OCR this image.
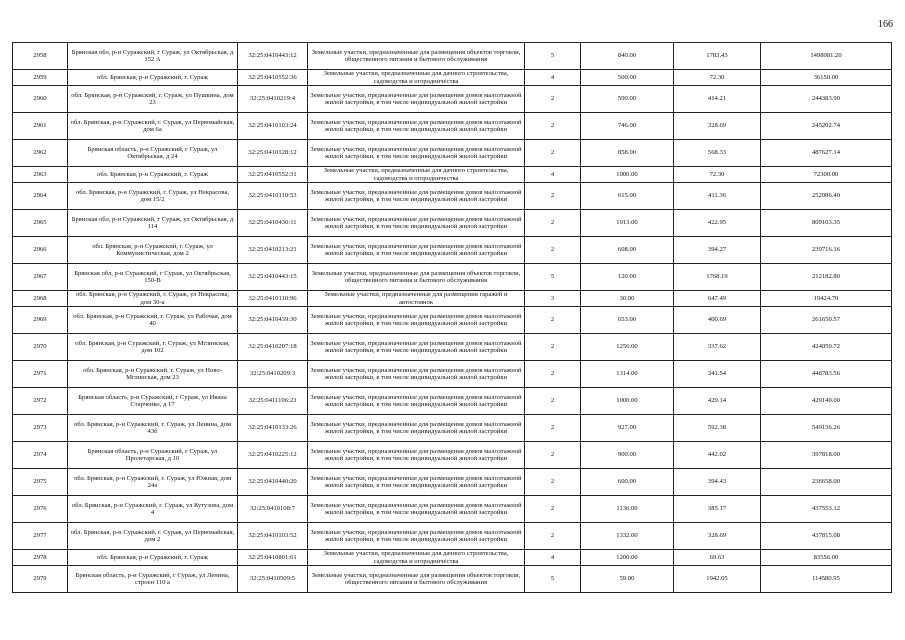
166
2958	Брянская обл, р-н Суражский, г Сураж, ул Октябрьская, д 152 А	32:25:0410443:12	Земельные участки, предназначенные для размещения объектов торговли, общественного питания и бытового обслуживания	5	840.00	1783.43	1498081.20
2959	обл. Брянская, р-н Суражский, г. Сураж	32:25:0410552:36	Земельные участки, предназначенные для дачного строительства, садоводства и огородничества	4	500.00	72.30	36150.00
2960	обл. Брянская, р-н Суражский, г. Сураж, ул Пушкина, дом 23	32:25:0410219:4	Земельные участки, предназначенные для размещения домов малоэтажной жилой застройки, в том числе индивидуальной жилой застройки	2	590.00	414.21	244383.90
2961	обл. Брянская, р-н Суражский, г. Сураж, ул Первомайская, дом 6а	32:25:0410103:24	Земельные участки, предназначенные для размещения домов малоэтажной жилой застройки, в том числе индивидуальной жилой застройки	2	746.00	328.69	245202.74
2962	Брянская область, р-н Суражский, г Сураж, ул Октябрьская, д 24	32:25:0410128:12	Земельные участки, предназначенные для размещения домов малоэтажной жилой застройки, в том числе индивидуальной жилой застройки	2	858.00	568.33	487627.14
2963	обл. Брянская, р-н Суражский, г. Сураж	32:25:0410552:31	Земельные участки, предназначенные для дачного строительства, садоводства и огородничества	4	1000.00	72.30	72300.00
2964	обл. Брянская, р-н Суражский, г. Сураж, ул Некрасова, дом 15/2	32:25:0410110:53	Земельные участки, предназначенные для размещения домов малоэтажной жилой застройки, в том числе индивидуальной жилой застройки	2	615.00	411.36	252986.40
2965	Брянская обл, р-н Суражский, г Сураж, ул Октябрьская, д 114	32:25:0410430:11	Земельные участки, предназначенные для размещения домов малоэтажной жилой застройки, в том числе индивидуальной жилой застройки	2	1913.00	422.95	809103.35
2966	обл. Брянская, р-н Суражский, г. Сураж, ул Коммунистическая, дом 2	32:25:0410213:21	Земельные участки, предназначенные для размещения домов малоэтажной жилой застройки, в том числе индивидуальной жилой застройки	2	608.00	394.27	239716.16
2967	Брянская обл, р-н Суражский, г Сураж, ул Октябрьская, 150-В	32:25:0410443:15	Земельные участки, предназначенные для размещения объектов торговли, общественного питания и бытового обслуживания	5	120.00	1768.19	212182.80
2968	обл. Брянская, р-н Суражский, г. Сураж, ул Некрасова, дом 30-а	32:25:0410110:96	Земельные участки, предназначенные для размещения гаражей и автостоянок	3	30.00	647.49	19424.70
2969	обл. Брянская, р-н Суражский, г. Сураж, ул Рабочая, дом 40	32:25:0410439:30	Земельные участки, предназначенные для размещения домов малоэтажной жилой застройки, в том числе индивидуальной жилой застройки	2	653.00	400.69	261650.57
2970	обл. Брянская, р-н Суражский, г. Сураж, ул Мглинская, дом 102	32:25:0410207:18	Земельные участки, предназначенные для размещения домов малоэтажной жилой застройки, в том числе индивидуальной жилой застройки	2	1256.00	337.62	424050.72
2971	обл. Брянская, р-н Суражский, г. Сураж, ул Ново-Мглинская, дом 23	32:25:0410209:3	Земельные участки, предназначенные для размещения домов малоэтажной жилой застройки, в том числе индивидуальной жилой застройки	2	1314.00	341.54	448783.56
2972	Брянская область, р-н Суражский, г Сураж, ул Ивана Старченко, д 17	32:25:0411106:23	Земельные участки, предназначенные для размещения домов малоэтажной жилой застройки, в том числе индивидуальной жилой застройки	2	1000.00	429.14	429140.00
2973	обл. Брянская, р-н Суражский, г. Сураж, ул Ленина, дом 43б	32:25:0410133:26	Земельные участки, предназначенные для размещения домов малоэтажной жилой застройки, в том числе индивидуальной жилой застройки	2	927.00	592.38	549136.26
2974	Брянская область, р-н Суражский, г Сураж, ул Пролетарская, д 10	32:25:0410225:12	Земельные участки, предназначенные для размещения домов малоэтажной жилой застройки, в том числе индивидуальной жилой застройки	2	900.00	442.02	397818.00
2975	обл. Брянская, р-н Суражский, г. Сураж, ул Южная, дом 24а	32:25:0410440:20	Земельные участки, предназначенные для размещения домов малоэтажной жилой застройки, в том числе индивидуальной жилой застройки	2	600.00	394.43	236658.00
2976	обл. Брянская, р-н Суражский, г. Сураж, ул Кутузова, дом 4	32:25:0410108:7	Земельные участки, предназначенные для размещения домов малоэтажной жилой застройки, в том числе индивидуальной жилой застройки	2	1136.00	385.17	437553.12
2977	обл. Брянская, р-н Суражский, г. Сураж, ул Первомайская, дом 2	32:25:0410103:52	Земельные участки, предназначенные для размещения домов малоэтажной жилой застройки, в том числе индивидуальной жилой застройки	2	1332.00	328.69	437815.08
2978	обл. Брянская, р-н Суражский, г. Сураж	32:25:0410801:61	Земельные участки, предназначенные для дачного строительства, садоводства и огородничества	4	1200.00	69.63	83556.00
2979	Брянская область, р-н Суражский, г Сураж, ул Ленина, строен 110 а	32:25:0410509:5	Земельные участки, предназначенные для размещения объектов торговли, общественного питания и бытового обслуживания	5	59.00	1942.05	114580.95
